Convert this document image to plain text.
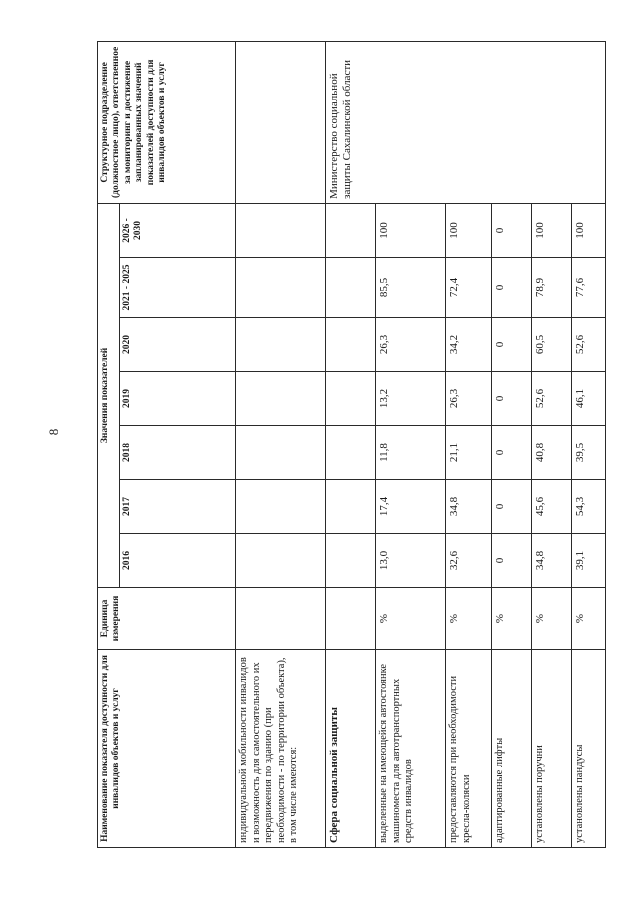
8
Наименование показателя доступности для инвалидов объектов и услуг	Единица измерения	Значения показателей							Структурное подразделение (должностное лицо), ответственное за мониторинг и достижение запланированных значений показателей доступности для инвалидов объектов и услуг
		2016	2017	2018	2019	2020	2021 - 2025	2026 - 2030	
индивидуальной мобильности инвалидов и возможность для самостоятельного их передвижения по зданию (при необходимости - по территории объекта), в том числе имеются:									
Сфера социальной защиты									Министерство социальной защиты Сахалинской области
выделенные на имеющейся автостоянке машиноместа для автотранспортных средств инвалидов	%	13,0	17,4	11,8	13,2	26,3	85,5	100	
предоставляются при необходимости кресла-коляски	%	32,6	34,8	21,1	26,3	34,2	72,4	100	
адаптированные лифты	%	0	0	0	0	0	0	0	
установлены поручни	%	34,8	45,6	40,8	52,6	60,5	78,9	100	
установлены пандусы	%	39,1	54,3	39,5	46,1	52,6	77,6	100	
